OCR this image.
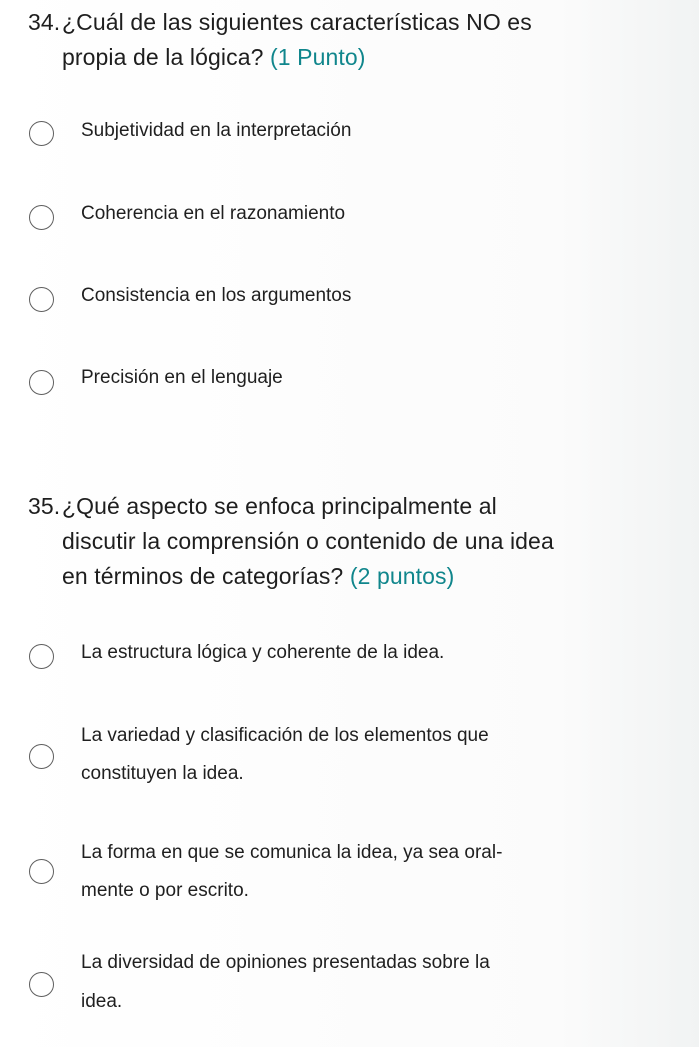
34.¿Cuál de las siguientes características NO es
propia de la lógica? (1 Punto)
Subjetividad en la interpretación
Coherencia en el razonamiento
Consistencia en los argumentos
Precisión en el lenguaje
35.¿Qué aspecto se enfoca principalmente al
discutir la comprensión o contenido de una idea
en términos de categorías? (2 puntos)
La estructura lógica y coherente de la idea.
La variedad y clasificación de los elementos que
constituyen la idea.
La forma en que se comunica la idea, ya sea oral-
mente o por escrito.
La diversidad de opiniones presentadas sobre la
idea.
